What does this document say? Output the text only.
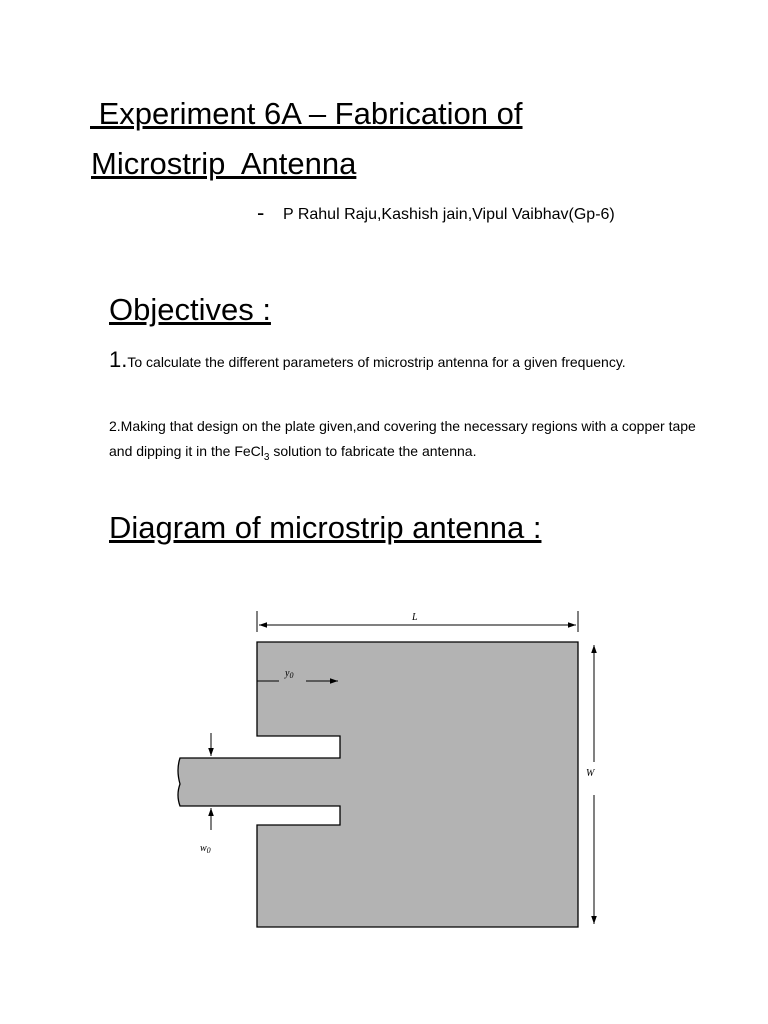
Experiment 6A – Fabrication of
Microstrip  Antenna
- P Rahul Raju,Kashish jain,Vipul Vaibhav(Gp-6)
Objectives :
1.To calculate the different parameters of microstrip antenna for a given frequency.
2.Making that design on the plate given,and covering the necessary regions with a copper tape and dipping it in the FeCl$_3$ solution to fabricate the antenna.
Diagram of microstrip antenna :
L
W
$y_0$
$w_0$
